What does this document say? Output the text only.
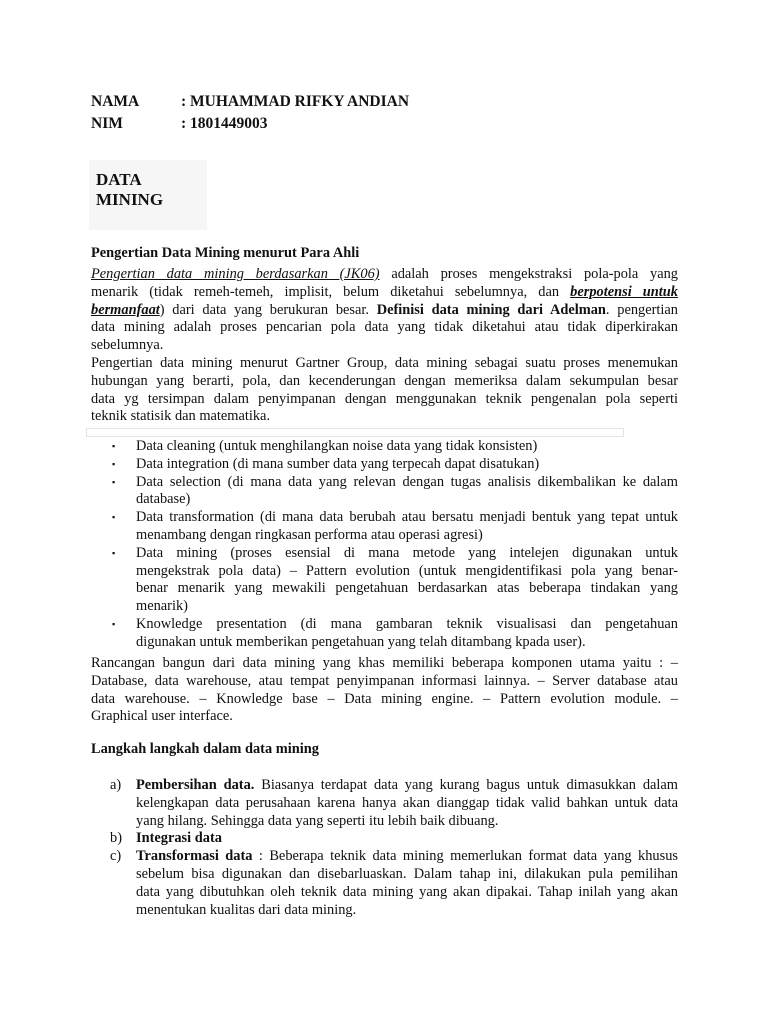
NAMA	: MUHAMMAD RIFKY ANDIAN
NIM	: 1801449003
DATA
MINING
Pengertian Data Mining menurut Para Ahli
Pengertian data mining berdasarkan (JK06) adalah proses mengekstraksi pola-pola yang
menarik (tidak remeh-temeh, implisit, belum diketahui sebelumnya, dan berpotensi untuk
bermanfaat) dari data yang berukuran besar. Definisi data mining dari Adelman. pengertian
data mining adalah proses pencarian pola data yang tidak diketahui atau tidak diperkirakan
sebelumnya.
Pengertian data mining menurut Gartner Group, data mining sebagai suatu proses menemukan
hubungan yang berarti, pola, dan kecenderungan dengan memeriksa dalam sekumpulan besar
data yg tersimpan dalam penyimpanan dengan menggunakan teknik pengenalan pola seperti
teknik statisik dan matematika.
▪ Data cleaning (untuk menghilangkan noise data yang tidak konsisten)
▪ Data integration (di mana sumber data yang terpecah dapat disatukan)
▪ Data selection (di mana data yang relevan dengan tugas analisis dikembalikan ke dalam
database)
▪ Data transformation (di mana data berubah atau bersatu menjadi bentuk yang tepat untuk
menambang dengan ringkasan performa atau operasi agresi)
▪ Data mining (proses esensial di mana metode yang intelejen digunakan untuk
mengekstrak pola data) – Pattern evolution (untuk mengidentifikasi pola yang benar-
benar menarik yang mewakili pengetahuan berdasarkan atas beberapa tindakan yang
menarik)
▪ Knowledge presentation (di mana gambaran teknik visualisasi dan pengetahuan
digunakan untuk memberikan pengetahuan yang telah ditambang kpada user).
Rancangan bangun dari data mining yang khas memiliki beberapa komponen utama yaitu : –
Database, data warehouse, atau tempat penyimpanan informasi lainnya. – Server database atau
data warehouse. – Knowledge base – Data mining engine. – Pattern evolution module. –
Graphical user interface.
Langkah langkah dalam data mining
a) Pembersihan data. Biasanya terdapat data yang kurang bagus untuk dimasukkan dalam
kelengkapan data perusahaan karena hanya akan dianggap tidak valid bahkan untuk data
yang hilang. Sehingga data yang seperti itu lebih baik dibuang.
b) Integrasi data
c) Transformasi data : Beberapa teknik data mining memerlukan format data yang khusus
sebelum bisa digunakan dan disebarluaskan. Dalam tahap ini, dilakukan pula pemilihan
data yang dibutuhkan oleh teknik data mining yang akan dipakai. Tahap inilah yang akan
menentukan kualitas dari data mining.
